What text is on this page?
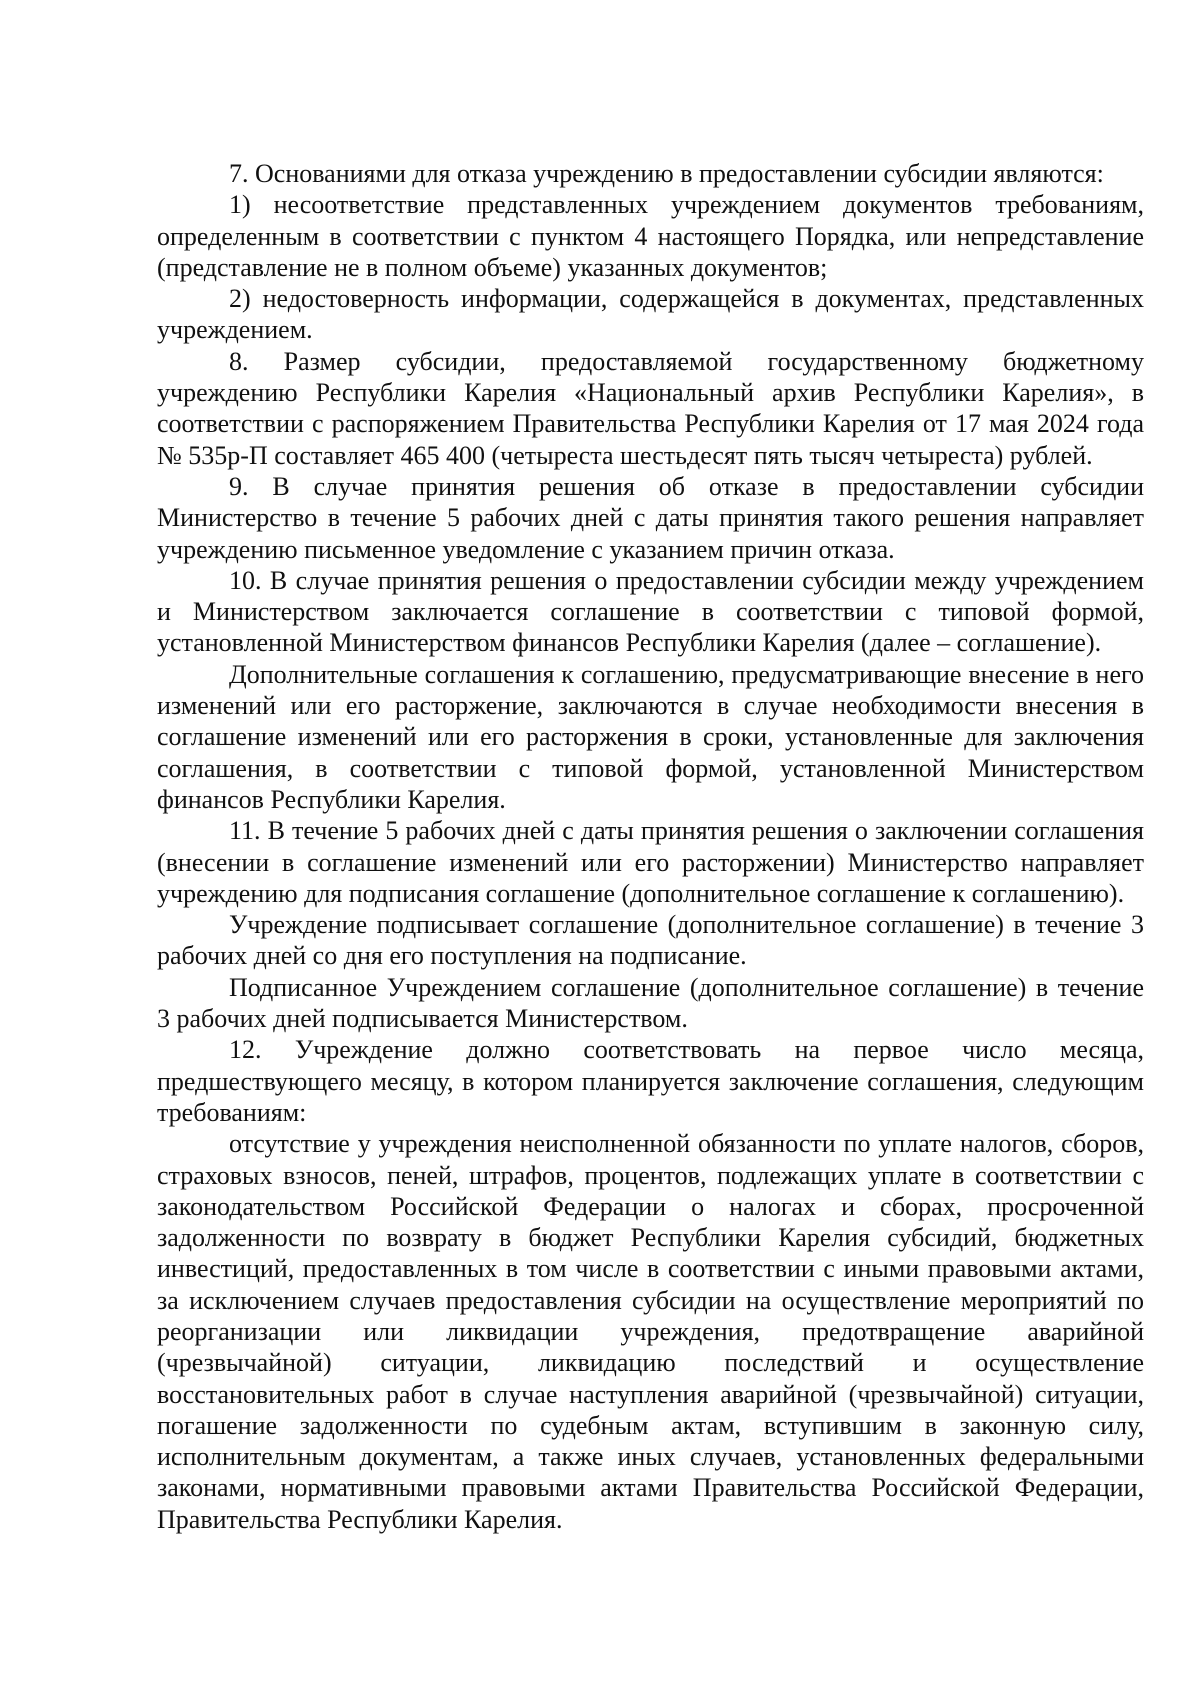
7. Основаниями для отказа учреждению в предоставлении субсидии являются:

1) несоответствие представленных учреждением документов требованиям, определенным в соответствии с пунктом 4 настоящего Порядка, или непредставление (представление не в полном объеме) указанных документов;

2) недостоверность информации, содержащейся в документах, представленных учреждением.

8. Размер субсидии, предоставляемой государственному бюджетному учреждению Республики Карелия «Национальный архив Республики Карелия», в соответствии с распоряжением Правительства Республики Карелия от 17 мая 2024 года № 535р-П составляет 465 400 (четыреста шестьдесят пять тысяч четыреста) рублей.

9. В случае принятия решения об отказе в предоставлении субсидии Министерство в течение 5 рабочих дней с даты принятия такого решения направляет учреждению письменное уведомление с указанием причин отказа.

10. В случае принятия решения о предоставлении субсидии между учреждением и Министерством заключается соглашение в соответствии с типовой формой, установленной Министерством финансов Республики Карелия (далее – соглашение).

Дополнительные соглашения к соглашению, предусматривающие внесение в него изменений или его расторжение, заключаются в случае необходимости внесения в соглашение изменений или его расторжения в сроки, установленные для заключения соглашения, в соответствии с типовой формой, установленной Министерством финансов Республики Карелия.

11. В течение 5 рабочих дней с даты принятия решения о заключении соглашения (внесении в соглашение изменений или его расторжении) Министерство направляет учреждению для подписания соглашение (дополнительное соглашение к соглашению).

Учреждение подписывает соглашение (дополнительное соглашение) в течение 3 рабочих дней со дня его поступления на подписание.

Подписанное Учреждением соглашение (дополнительное соглашение) в течение 3 рабочих дней подписывается Министерством.

12. Учреждение должно соответствовать на первое число месяца, предшествующего месяцу, в котором планируется заключение соглашения, следующим требованиям:

отсутствие у учреждения неисполненной обязанности по уплате налогов, сборов, страховых взносов, пеней, штрафов, процентов, подлежащих уплате в соответствии с законодательством Российской Федерации о налогах и сборах, просроченной задолженности по возврату в бюджет Республики Карелия субсидий, бюджетных инвестиций, предоставленных в том числе в соответствии с иными правовыми актами, за исключением случаев предоставления субсидии на осуществление мероприятий по реорганизации или ликвидации учреждения, предотвращение аварийной (чрезвычайной) ситуации, ликвидацию последствий и осуществление восстановительных работ в случае наступления аварийной (чрезвычайной) ситуации, погашение задолженности по судебным актам, вступившим в законную силу, исполнительным документам, а также иных случаев, установленных федеральными законами, нормативными правовыми актами Правительства Российской Федерации, Правительства Республики Карелия.
